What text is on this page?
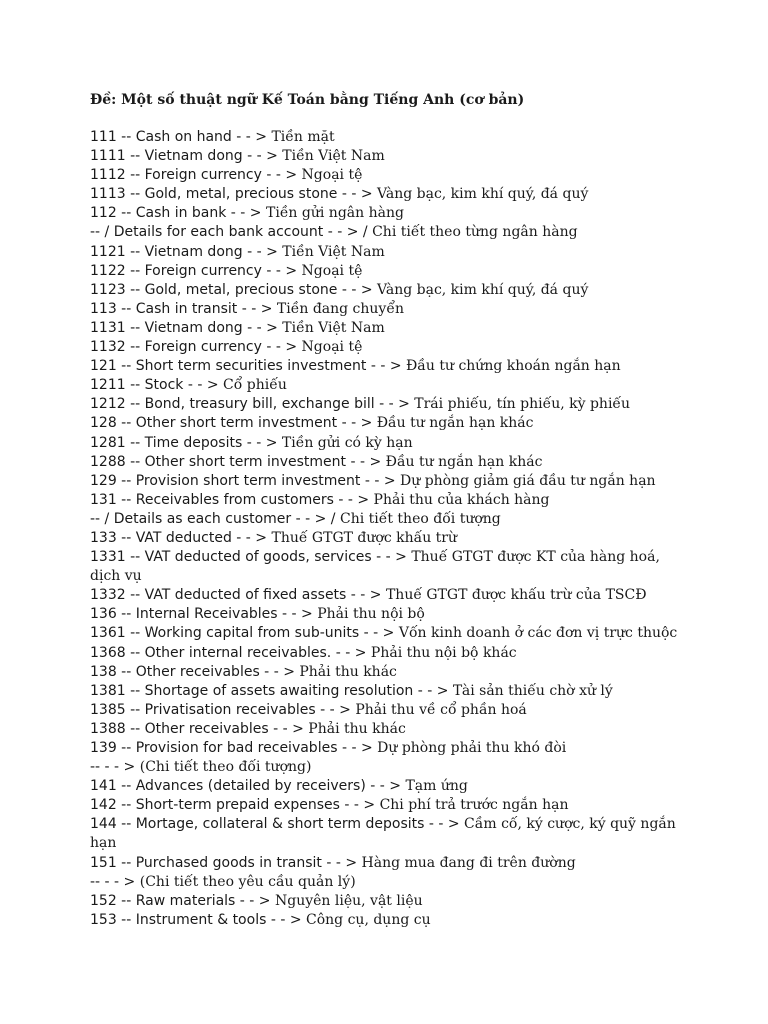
Đề: Một số thuật ngữ Kế Toán bằng Tiếng Anh (cơ bản)
111 -- Cash on hand - - > Tiền mặt
1111 -- Vietnam dong - - > Tiền Việt Nam
1112 -- Foreign currency - - > Ngoại tệ
1113 -- Gold, metal, precious stone - - > Vàng bạc, kim khí quý, đá quý
112 -- Cash in bank - - > Tiền gửi ngân hàng
-- / Details for each bank account - - > / Chi tiết theo từng ngân hàng
1121 -- Vietnam dong - - > Tiền Việt Nam
1122 -- Foreign currency - - > Ngoại tệ
1123 -- Gold, metal, precious stone - - > Vàng bạc, kim khí quý, đá quý
113 -- Cash in transit - - > Tiền đang chuyển
1131 -- Vietnam dong - - > Tiền Việt Nam
1132 -- Foreign currency - - > Ngoại tệ
121 -- Short term securities investment - - > Đầu tư chứng khoán ngắn hạn
1211 -- Stock - - > Cổ phiếu
1212 -- Bond, treasury bill, exchange bill - - > Trái phiếu, tín phiếu, kỳ phiếu
128 -- Other short term investment - - > Đầu tư ngắn hạn khác
1281 -- Time deposits - - > Tiền gửi có kỳ hạn
1288 -- Other short term investment - - > Đầu tư ngắn hạn khác
129 -- Provision short term investment - - > Dự phòng giảm giá đầu tư ngắn hạn
131 -- Receivables from customers - - > Phải thu của khách hàng
-- / Details as each customer - - > / Chi tiết theo đối tượng
133 -- VAT deducted - - > Thuế GTGT được khấu trừ
1331 -- VAT deducted of goods, services - - > Thuế GTGT được KT của hàng hoá, dịch vụ
1332 -- VAT deducted of fixed assets - - > Thuế GTGT được khấu trừ của TSCĐ
136 -- Internal Receivables - - > Phải thu nội bộ
1361 -- Working capital from sub-units - - > Vốn kinh doanh ở các đơn vị trực thuộc
1368 -- Other internal receivables. - - > Phải thu nội bộ khác
138 -- Other receivables - - > Phải thu khác
1381 -- Shortage of assets awaiting resolution - - > Tài sản thiếu chờ xử lý
1385 -- Privatisation receivables - - > Phải thu về cổ phần hoá
1388 -- Other receivables - - > Phải thu khác
139 -- Provision for bad receivables - - > Dự phòng phải thu khó đòi
-- - - > (Chi tiết theo đối tượng)
141 -- Advances (detailed by receivers) - - > Tạm ứng
142 -- Short-term prepaid expenses - - > Chi phí trả trước ngắn hạn
144 -- Mortage, collateral & short term deposits - - > Cầm cố, ký cược, ký quỹ ngắn hạn
151 -- Purchased goods in transit - - > Hàng mua đang đi trên đường
-- - - > (Chi tiết theo yêu cầu quản lý)
152 -- Raw materials - - > Nguyên liệu, vật liệu
153 -- Instrument & tools - - > Công cụ, dụng cụ
